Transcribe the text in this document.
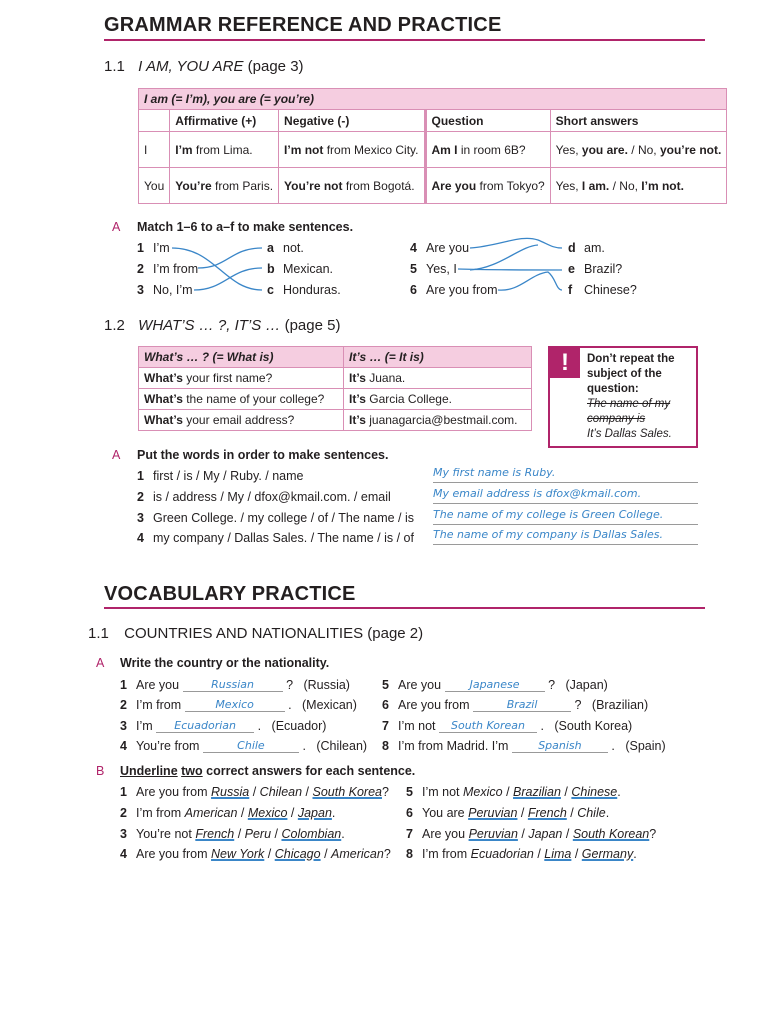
GRAMMAR REFERENCE AND PRACTICE
1.1 I AM, YOU ARE (page 3)
I am (= I’m), you are (= you’re)				
	Affirmative (+)	Negative (-)	Question	Short answers
I	I’m from Lima.	I’m not from Mexico City.	Am I in room 6B?	Yes, you are. / No, you’re not.
You	You’re from Paris.	You’re not from Bogotá.	Are you from Tokyo?	Yes, I am. / No, I’m not.
A Match 1–6 to a–f to make sentences.
1 I’m
2 I’m from
3 No, I’m
a not.
b Mexican.
c Honduras.
4 Are you
5 Yes, I
6 Are you from
d am.
e Brazil?
f Chinese?
1.2 WHAT’S … ?, IT’S … (page 5)
What’s … ? (= What is)	It’s … (= It is)
What’s your first name?	It’s Juana.
What’s the name of your college?	It’s Garcia College.
What’s your email address?	It’s juanagarcia@bestmail.com.
!	Don’t repeat the
subject of the
question:
The name of my
company is
It’s Dallas Sales.
A Put the words in order to make sentences.
1 first / is / My / Ruby. / name
2 is / address / My / dfox@kmail.com. / email
3 Green College. / my college / of / The name / is
4 my company / Dallas Sales. / The name / is / of
My first name is Ruby.
My email address is dfox@kmail.com.
The name of my college is Green College.
The name of my company is Dallas Sales.
VOCABULARY PRACTICE
1.1 COUNTRIES AND NATIONALITIES (page 2)
A Write the country or the nationality.
1 Are you	Russian	? (Russia)
2 I’m from	Mexico	. (Mexican)
3 I’m Ecuadorian . (Ecuador)
4 You’re from	Chile	. (Chilean)
5 Are you	Japanese ? (Japan)
6 Are you from	Brazil	? (Brazilian)
7 I’m not South Korean . (South Korea)
8 I’m from Madrid. I’m	Spanish . (Spain)
B Underline two correct answers for each sentence.
1 Are you from Russia / Chilean / South Korea?
2 I’m from American / Mexico / Japan.
3 You’re not French / Peru / Colombian.
4 Are you from New York / Chicago / American?
5 I’m not Mexico / Brazilian / Chinese.
6 You are Peruvian / French / Chile.
7 Are you Peruvian / Japan / South Korean?
8 I’m from Ecuadorian / Lima / Germany.
